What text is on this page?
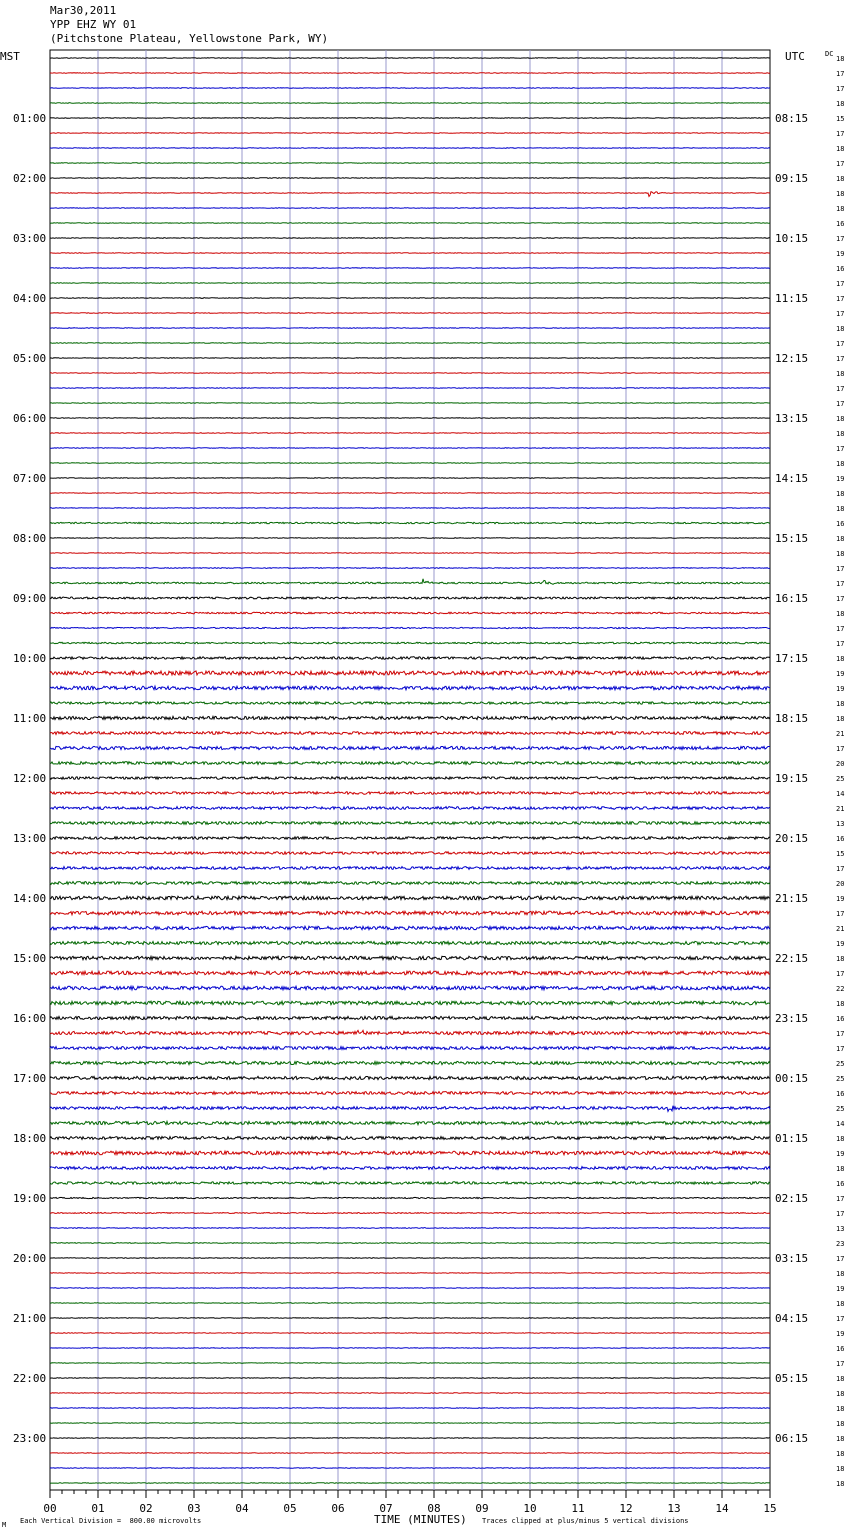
Mar30,2011
YPP EHZ WY 01
(Pitchstone Plateau, Yellowstone Park, WY)
MST	UTC	DC
01:00	08:15
02:00	09:15
03:00	10:15
04:00	11:15
05:00	12:15
06:00	13:15
07:00	14:15
08:00	15:15
09:00	16:15
10:00	17:15
11:00	18:15
12:00	19:15
13:00	20:15
14:00	21:15
15:00	22:15
16:00	23:15
17:00	00:15
18:00	01:15
19:00	02:15
20:00	03:15
21:00	04:15
22:00	05:15
23:00	06:15
18
17
17
18
15
17
18
17
18
18
18
16
17
19
16
17
17
17
18
17
17
18
17
17
18
18
17
18
19
18
18
16
18
18
17
17
17
18
17
17
18
19
19
18
18
21
17
20
25
14
21
13
16
15
17
20
19
17
21
19
18
17
22
18
16
17
17
25
25
16
25
14
18
19
18
16
17
17
13
23
17
18
19
18
17
19
16
17
18
18
18
18
18
18
18
18
00	01	02	03	04	05	06	07	08	09	10	11	12	13	14	15
M Each Vertical Division =  800.00 microvolts	TIME (MINUTES) Traces clipped at plus/minus 5 vertical divisions
